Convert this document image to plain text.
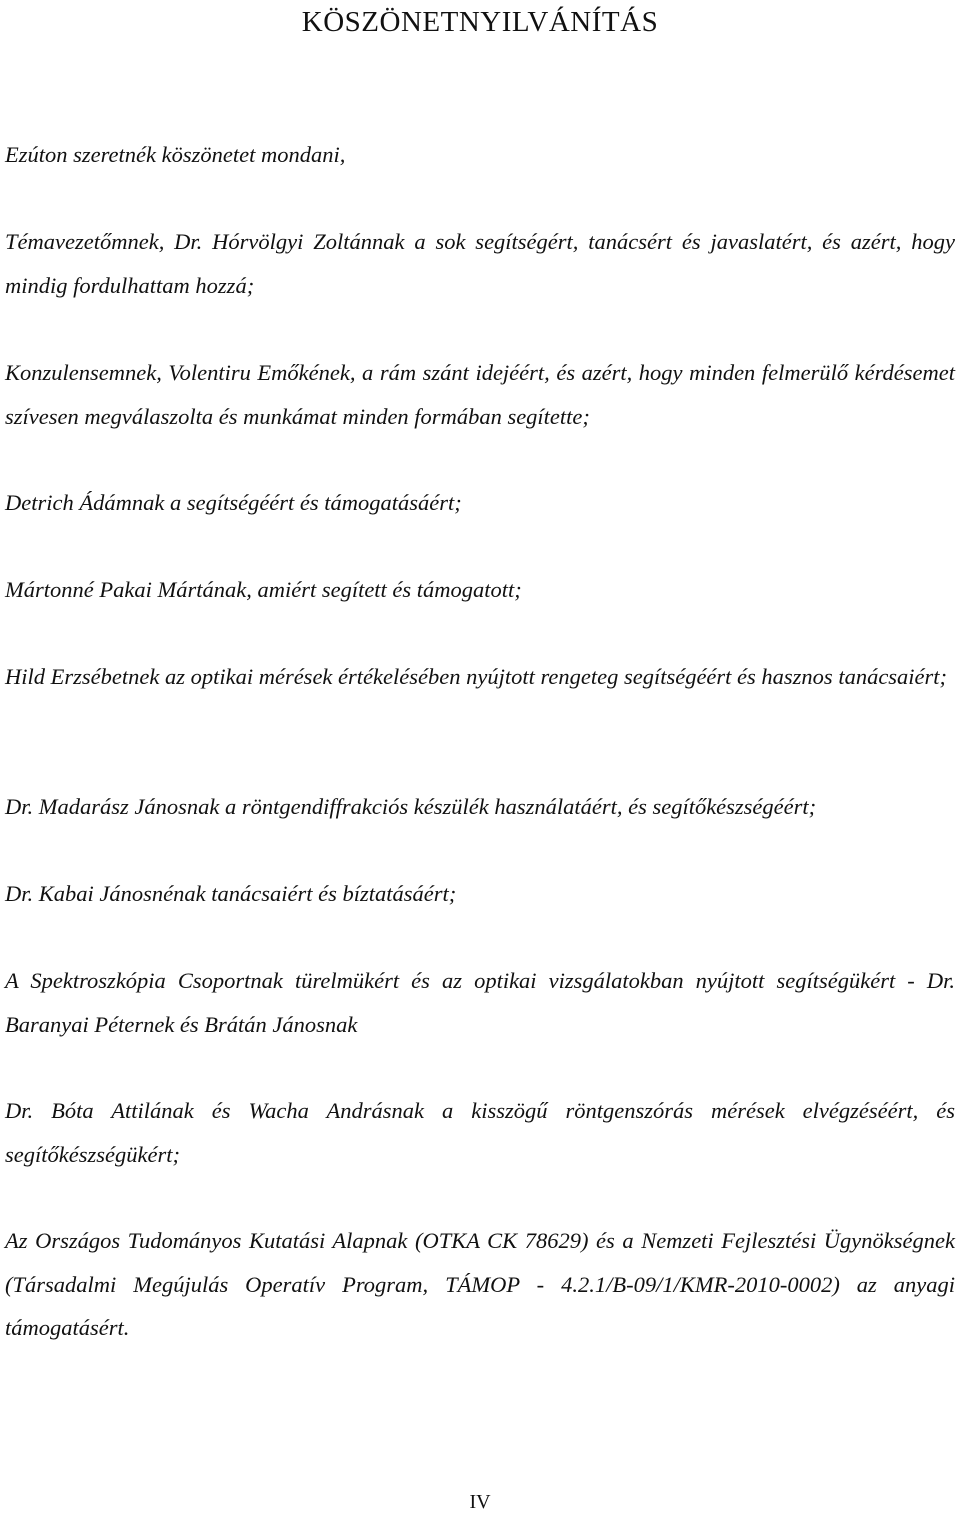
KÖSZÖNETNYILVÁNÍTÁS

Ezúton szeretnék köszönetet mondani,

Témavezetőmnek, Dr. Hórvölgyi Zoltánnak a sok segítségért, tanácsért és javaslatért, és azért, hogy mindig fordulhattam hozzá;

Konzulensemnek, Volentiru Emőkének, a rám szánt idejéért, és azért, hogy minden felmerülő kérdésemet szívesen megválaszolta és munkámat minden formában segítette;

Detrich Ádámnak a segítségéért és támogatásáért;

Mártonné Pakai Mártának, amiért segített és támogatott;

Hild Erzsébetnek az optikai mérések értékelésében nyújtott rengeteg segítségéért és hasznos tanácsaiért;

Dr. Madarász Jánosnak a röntgendiffrakciós készülék használatáért, és segítőkészségéért;

Dr. Kabai Jánosnénak tanácsaiért és bíztatásáért;

A Spektroszkópia Csoportnak türelmükért és az optikai vizsgálatokban nyújtott segítségükért - Dr. Baranyai Péternek és Brátán Jánosnak

Dr. Bóta Attilának és Wacha Andrásnak a kisszögű röntgenszórás mérések elvégzéséért, és segítőkészségükért;

Az Országos Tudományos Kutatási Alapnak (OTKA CK 78629) és a Nemzeti Fejlesztési Ügynökségnek (Társadalmi Megújulás Operatív Program, TÁMOP - 4.2.1/B-09/1/KMR-2010-0002) az anyagi támogatásért.

IV
